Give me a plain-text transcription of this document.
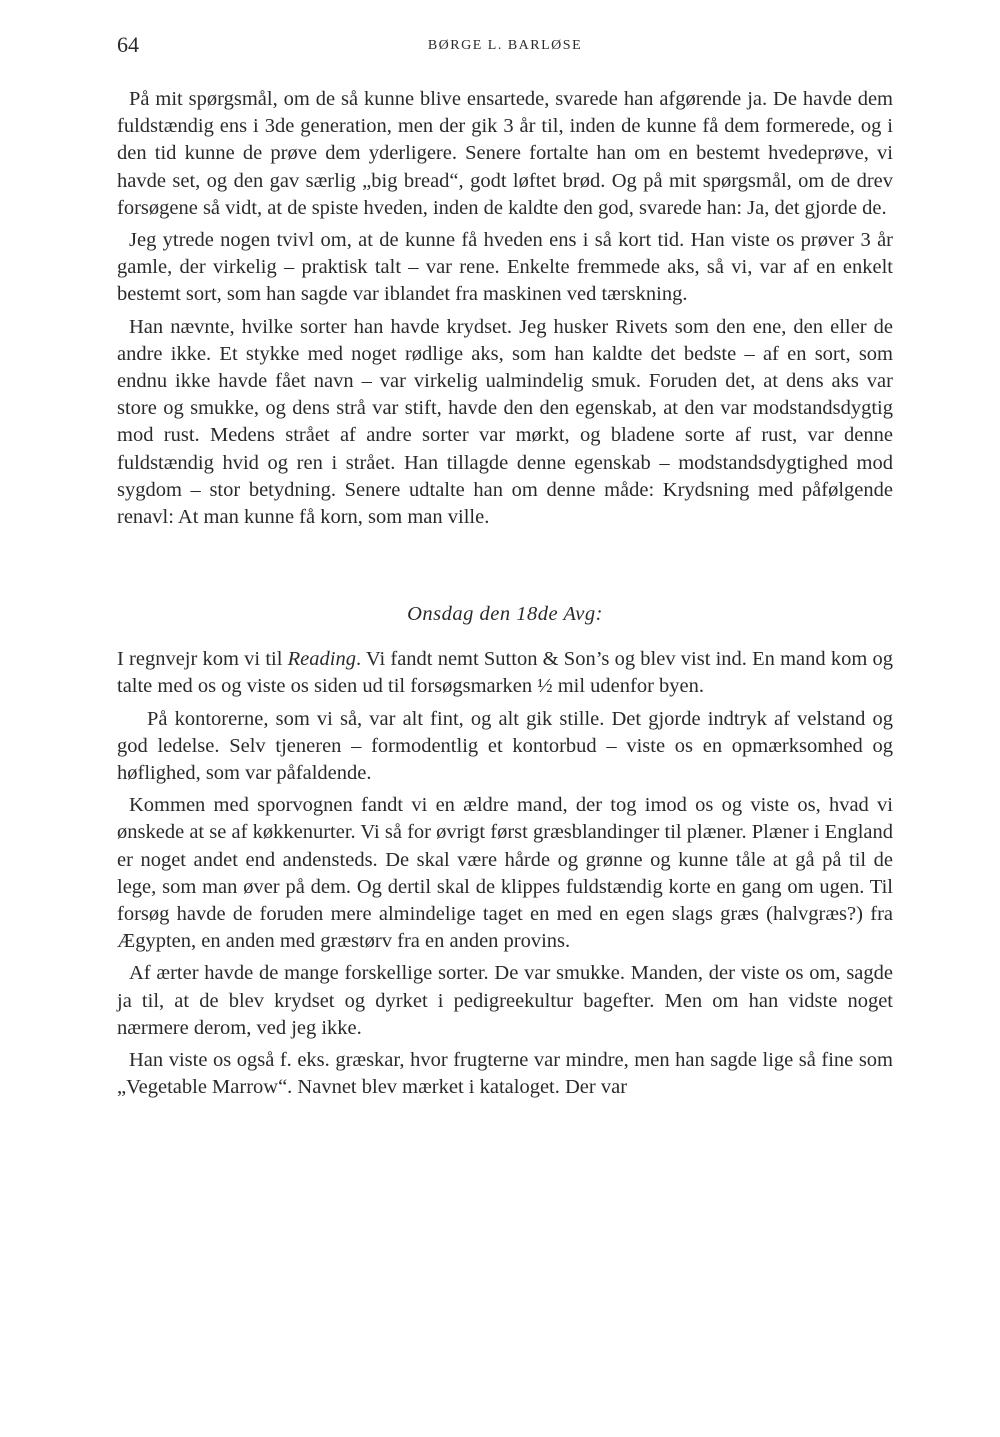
64	BØRGE L. BARLØSE

På mit spørgsmål, om de så kunne blive ensartede, svarede han afgørende ja. De havde dem fuldstændig ens i 3de generation, men der gik 3 år til, inden de kunne få dem formerede, og i den tid kunne de prøve dem yderligere. Senere fortalte han om en bestemt hvedeprøve, vi havde set, og den gav særlig „big bread“, godt løftet brød. Og på mit spørgsmål, om de drev forsøgene så vidt, at de spiste hveden, inden de kaldte den god, svarede han: Ja, det gjorde de.

Jeg ytrede nogen tvivl om, at de kunne få hveden ens i så kort tid. Han viste os prøver 3 år gamle, der virkelig – praktisk talt – var rene. Enkelte fremmede aks, så vi, var af en enkelt bestemt sort, som han sagde var iblandet fra maskinen ved tærskning.

Han nævnte, hvilke sorter han havde krydset. Jeg husker Rivets som den ene, den eller de andre ikke. Et stykke med noget rødlige aks, som han kaldte det bedste – af en sort, som endnu ikke havde fået navn – var virkelig ualmindelig smuk. Foruden det, at dens aks var store og smukke, og dens strå var stift, havde den den egenskab, at den var modstandsdygtig mod rust. Medens strået af andre sorter var mørkt, og bladene sorte af rust, var denne fuldstændig hvid og ren i strået. Han tillagde denne egenskab – modstandsdygtighed mod sygdom – stor betydning. Senere udtalte han om denne måde: Krydsning med påfølgende renavl: At man kunne få korn, som man ville.

Onsdag den 18de Avg:

I regnvejr kom vi til Reading. Vi fandt nemt Sutton & Son’s og blev vist ind. En mand kom og talte med os og viste os siden ud til forsøgsmarken ½ mil udenfor byen.

På kontorerne, som vi så, var alt fint, og alt gik stille. Det gjorde indtryk af velstand og god ledelse. Selv tjeneren – formodentlig et kontorbud – viste os en opmærksomhed og høflighed, som var påfaldende.

Kommen med sporvognen fandt vi en ældre mand, der tog imod os og viste os, hvad vi ønskede at se af køkkenurter. Vi så for øvrigt først græsblandinger til plæner. Plæner i England er noget andet end andensteds. De skal være hårde og grønne og kunne tåle at gå på til de lege, som man øver på dem. Og dertil skal de klippes fuldstændig korte en gang om ugen. Til forsøg havde de foruden mere almindelige taget en med en egen slags græs (halvgræs?) fra Ægypten, en anden med græstørv fra en anden provins.

Af ærter havde de mange forskellige sorter. De var smukke. Manden, der viste os om, sagde ja til, at de blev krydset og dyrket i pedigreekultur bagefter. Men om han vidste noget nærmere derom, ved jeg ikke.

Han viste os også f. eks. græskar, hvor frugterne var mindre, men han sagde lige så fine som „Vegetable Marrow“. Navnet blev mærket i kataloget. Der var
